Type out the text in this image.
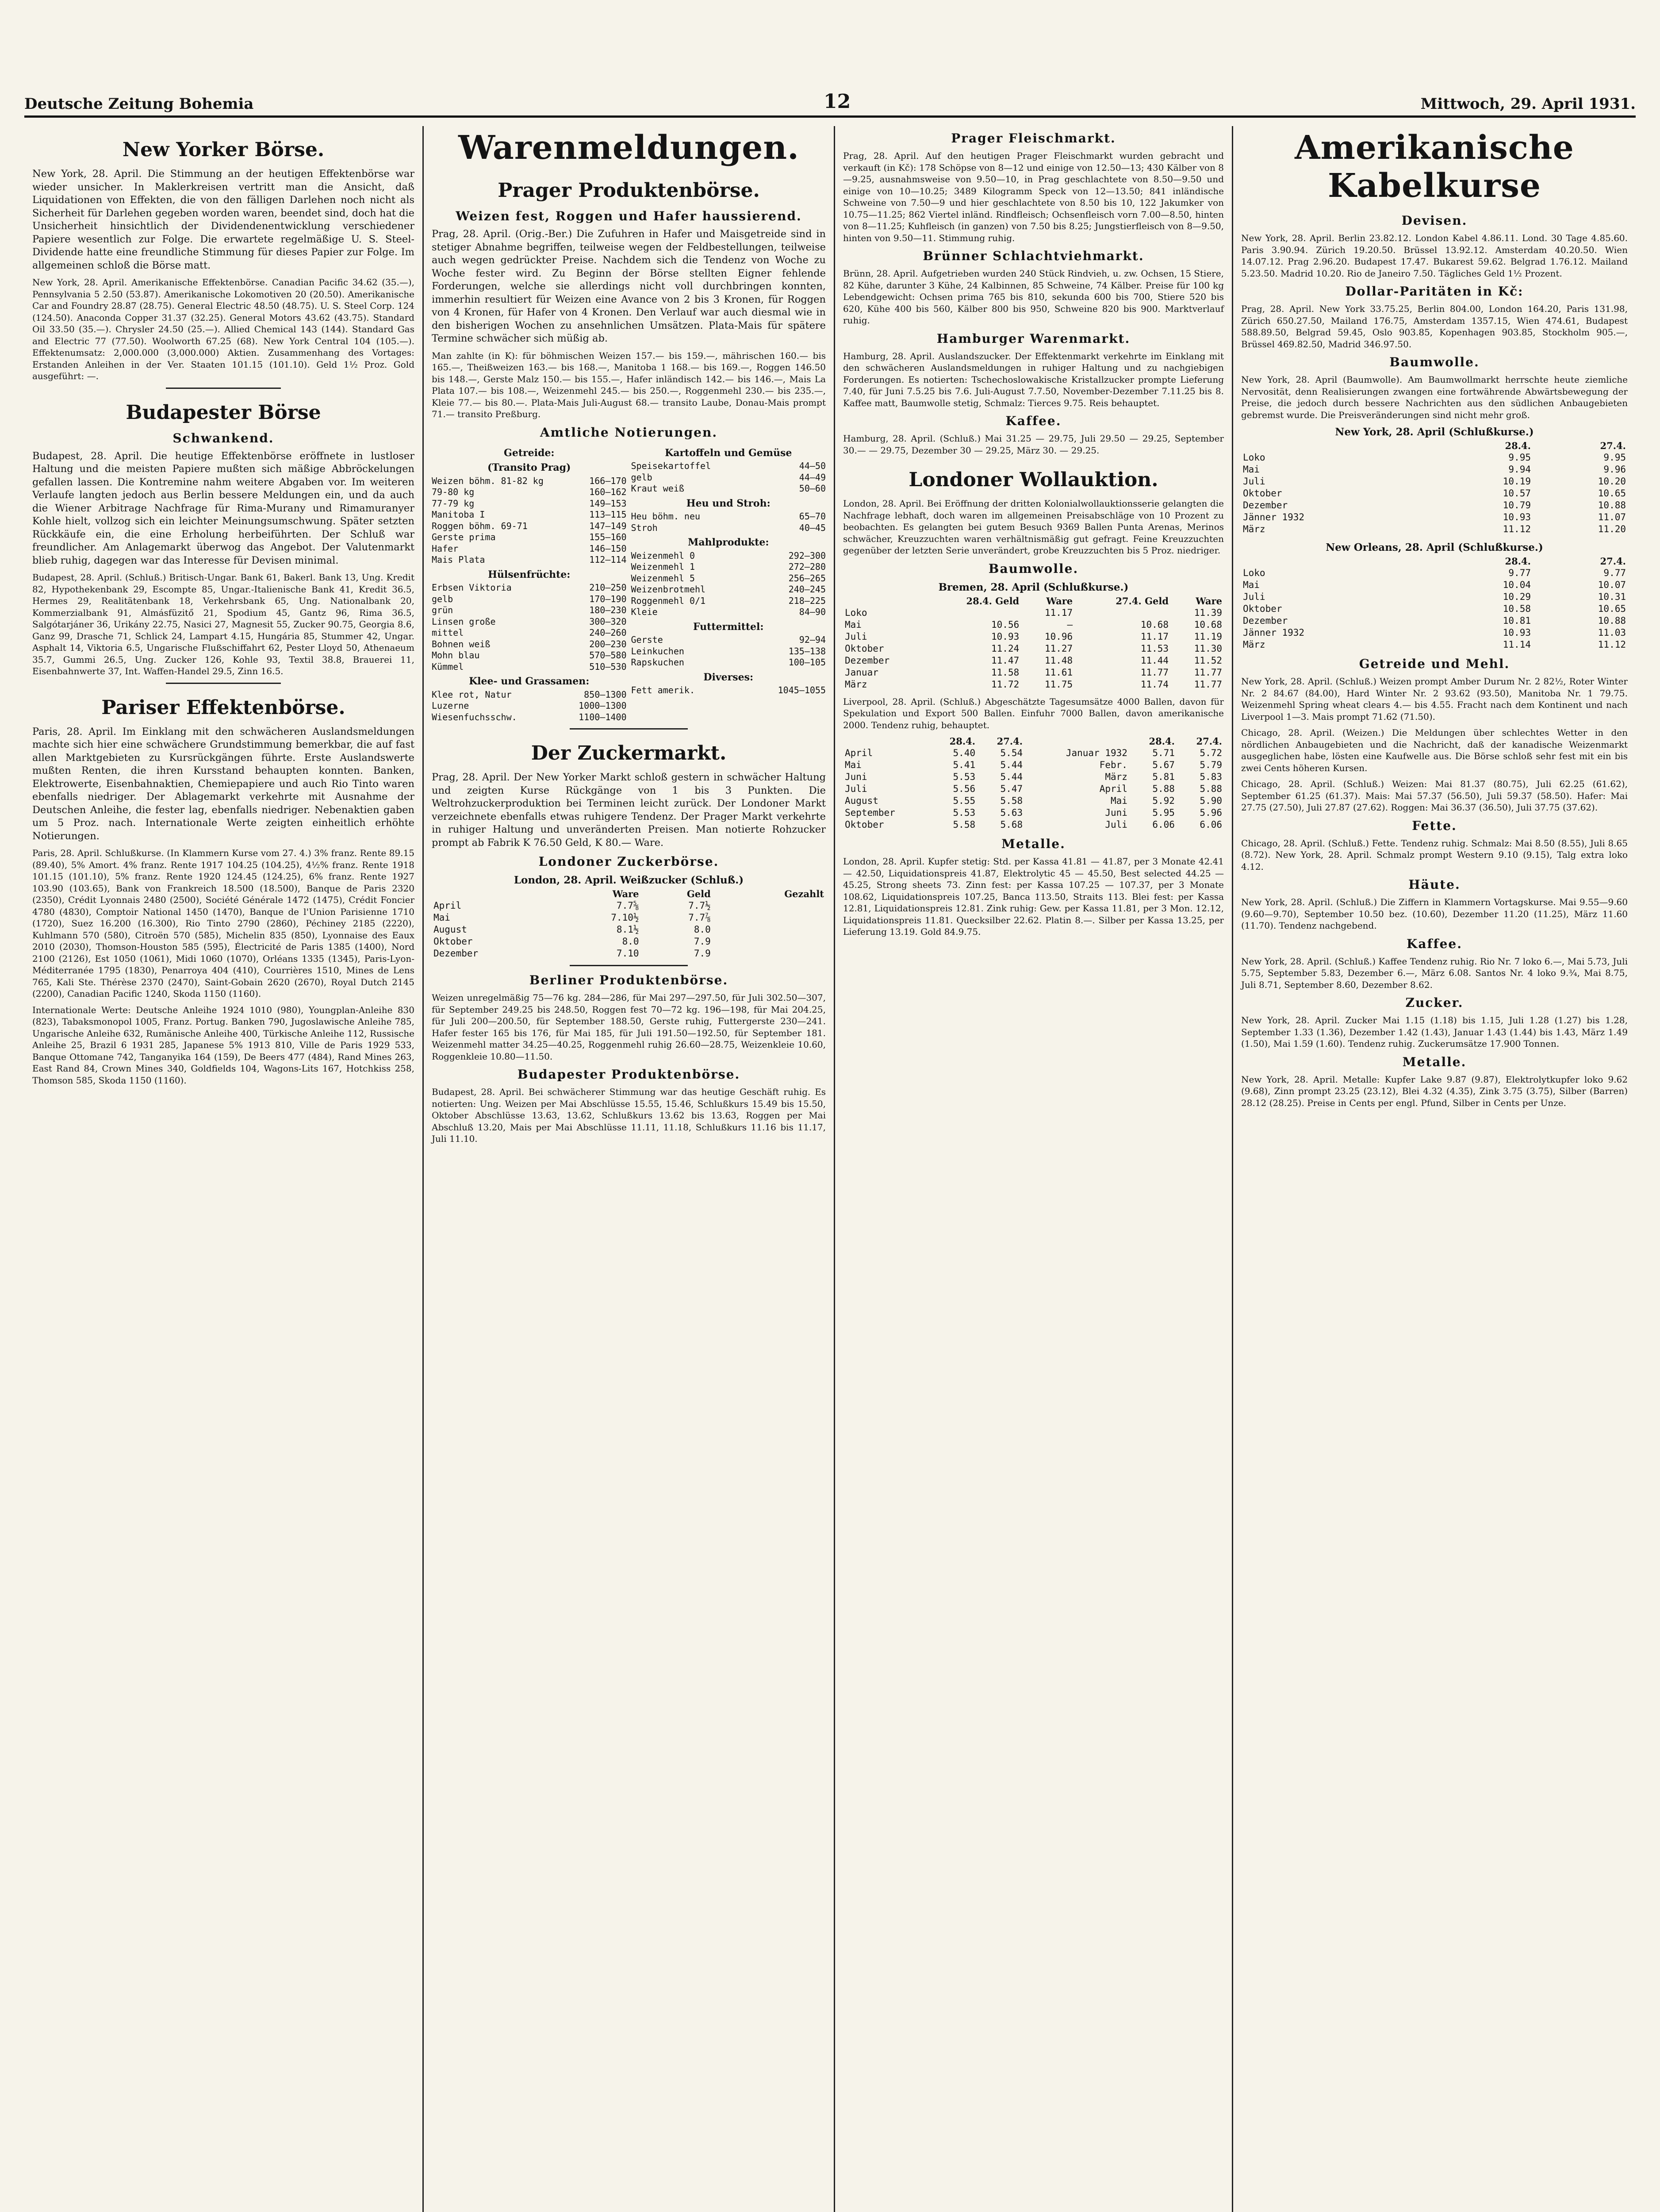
Deutsche Zeitung Bohemia	12	Mittwoch, 29. April 1931.
New Yorker Börse.

New York, 28. April. Die Stimmung an der heutigen Effektenbörse war wieder unsicher. In Maklerkreisen vertritt man die Ansicht, daß Liquidationen von Effekten, die von den fälligen Darlehen noch nicht als Sicherheit für Darlehen gegeben worden waren, beendet sind, doch hat die Unsicherheit hinsichtlich der Dividendenentwicklung verschiedener Papiere wesentlich zur Folge. Die erwartete regelmäßige U. S. Steel-Dividende hatte eine freundliche Stimmung für dieses Papier zur Folge. Im allgemeinen schloß die Börse matt.

New York, 28. April. Amerikanische Effektenbörse. Canadian Pacific 34.62 (35.—), Pennsylvania 5 2.50 (53.87). Amerikanische Lokomotiven 20 (20.50). Amerikanische Car and Foundry 28.87 (28.75). General Electric 48.50 (48.75). U. S. Steel Corp. 124 (124.50). Anaconda Copper 31.37 (32.25). General Motors 43.62 (43.75). Standard Oil 33.50 (35.—). Chrysler 24.50 (25.—). Allied Chemical 143 (144). Standard Gas and Electric 77 (77.50). Woolworth 67.25 (68). New York Central 104 (105.—). Effektenumsatz: 2,000.000 (3,000.000) Aktien. Zusammenhang des Vortages: Erstanden Anleihen in der Ver. Staaten 101.15 (101.10). Geld 1½ Proz. Gold ausgeführt: —.

Budapester Börse
Schwankend.

Budapest, 28. April. Die heutige Effektenbörse eröffnete in lustloser Haltung und die meisten Papiere mußten sich mäßige Abbröckelungen gefallen lassen. Die Kontremine nahm weitere Abgaben vor. Im weiteren Verlaufe langten jedoch aus Berlin bessere Meldungen ein, und da auch die Wiener Arbitrage Nachfrage für Rima-Murany und Rimamuranyer Kohle hielt, vollzog sich ein leichter Meinungsumschwung. Später setzten Rückkäufe ein, die eine Erholung herbeiführten. Der Schluß war freundlicher. Am Anlagemarkt überwog das Angebot. Der Valutenmarkt blieb ruhig, dagegen war das Interesse für Devisen minimal.

Budapest, 28. April. (Schluß.) Britisch-Ungar. Bank 61, Bakerl. Bank 13, Ung. Kredit 82, Hypothekenbank 29, Escompte 85, Ungar.-Italienische Bank 41, Kredit 36.5, Hermes 29, Realitätenbank 18, Verkehrsbank 65, Ung. Nationalbank 20, Kommerzialbank 91, Almásfüzitő 21, Spodium 45, Gantz 96, Rima 36.5, Salgótarjáner 36, Urikány 22.75, Nasici 27, Magnesit 55, Zucker 90.75, Georgia 8.6, Ganz 99, Drasche 71, Schlick 24, Lampart 4.15, Hungária 85, Stummer 42, Ungar. Asphalt 14, Viktoria 6.5, Ungarische Flußschiffahrt 62, Pester Lloyd 50, Athenaeum 35.7, Gummi 26.5, Ung. Zucker 126, Kohle 93, Textil 38.8, Brauerei 11, Eisenbahnwerte 37, Int. Waffen-Handel 29.5, Zinn 16.5.

Pariser Effektenbörse.

Paris, 28. April. Im Einklang mit den schwächeren Auslandsmeldungen machte sich hier eine schwächere Grundstimmung bemerkbar, die auf fast allen Marktgebieten zu Kursrückgängen führte. Erste Auslandswerte mußten Renten, die ihren Kursstand behaupten konnten. Banken, Elektrowerte, Eisenbahnaktien, Chemiepapiere und auch Rio Tinto waren ebenfalls niedriger. Der Ablagemarkt verkehrte mit Ausnahme der Deutschen Anleihe, die fester lag, ebenfalls niedriger. Nebenaktien gaben um 5 Proz. nach. Internationale Werte zeigten einheitlich erhöhte Notierungen.

Paris, 28. April. Schlußkurse. (In Klammern Kurse vom 27. 4.) 3% franz. Rente 89.15 (89.40), 5% Amort. 4% franz. Rente 1917 104.25 (104.25), 4½% franz. Rente 1918 101.15 (101.10), 5% franz. Rente 1920 124.45 (124.25), 6% franz. Rente 1927 103.90 (103.65), Bank von Frankreich 18.500 (18.500), Banque de Paris 2320 (2350), Crédit Lyonnais 2480 (2500), Société Générale 1472 (1475), Crédit Foncier 4780 (4830), Comptoir National 1450 (1470), Banque de l'Union Parisienne 1710 (1720), Suez 16.200 (16.300), Rio Tinto 2790 (2860), Péchiney 2185 (2220), Kuhlmann 570 (580), Citroën 570 (585), Michelin 835 (850), Lyonnaise des Eaux 2010 (2030), Thomson-Houston 585 (595), Électricité de Paris 1385 (1400), Nord 2100 (2126), Est 1050 (1061), Midi 1060 (1070), Orléans 1335 (1345), Paris-Lyon-Méditerranée 1795 (1830), Penarroya 404 (410), Courrières 1510, Mines de Lens 765, Kali Ste. Thérèse 2370 (2470), Saint-Gobain 2620 (2670), Royal Dutch 2145 (2200), Canadian Pacific 1240, Skoda 1150 (1160).

Internationale Werte: Deutsche Anleihe 1924 1010 (980), Youngplan-Anleihe 830 (823), Tabaksmonopol 1005, Franz. Portug. Banken 790, Jugoslawische Anleihe 785, Ungarische Anleihe 632, Rumänische Anleihe 400, Türkische Anleihe 112, Russische Anleihe 25, Brazil 6 1931 285, Japanese 5% 1913 810, Ville de Paris 1929 533, Banque Ottomane 742, Tanganyika 164 (159), De Beers 477 (484), Rand Mines 263, East Rand 84, Crown Mines 340, Goldfields 104, Wagons-Lits 167, Hotchkiss 258, Thomson 585, Skoda 1150 (1160).

Warenmeldungen.
Prager Produktenbörse.
Weizen fest, Roggen und Hafer haussierend.

Prag, 28. April. (Orig.-Ber.) Die Zufuhren in Hafer und Maisgetreide sind in stetiger Abnahme begriffen, teilweise wegen der Feldbestellungen, teilweise auch wegen gedrückter Preise. Nachdem sich die Tendenz von Woche zu Woche fester wird. Zu Beginn der Börse stellten Eigner fehlende Forderungen, welche sie allerdings nicht voll durchbringen konnten, immerhin resultiert für Weizen eine Avance von 2 bis 3 Kronen, für Roggen von 4 Kronen, für Hafer von 4 Kronen. Den Verlauf war auch diesmal wie in den bisherigen Wochen zu ansehnlichen Umsätzen. Plata-Mais für spätere Termine schwächer sich müßig ab.

Man zahlte (in K): für böhmischen Weizen 157.— bis 159.—, mährischen 160.— bis 165.—, Theißweizen 163.— bis 168.—, Manitoba 1 168.— bis 169.—, Roggen 146.50 bis 148.—, Gerste Malz 150.— bis 155.—, Hafer inländisch 142.— bis 146.—, Mais La Plata 107.— bis 108.—, Weizenmehl 245.— bis 250.—, Roggenmehl 230.— bis 235.—, Kleie 77.— bis 80.—. Plata-Mais Juli-August 68.— transito Laube, Donau-Mais prompt 71.— transito Preßburg.

Amtliche Notierungen.
Getreide:
(Transito Prag)
Weizen böhm. 81-82 kg	166—170
79-80 kg	160—162
77-79 kg	149—153
Manitoba I	113—115
Roggen böhm. 69-71	147—149
Gerste prima	155—160
Hafer	146—150
Mais Plata	112—114
Hülsenfrüchte:
Erbsen Viktoria	210—250
gelb	170—190
grün	180—230
Linsen große	300—320
mittel	240—260
Bohnen weiß	200—230
Mohn blau	570—580
Kümmel	510—530
Klee- und Grassamen:
Klee rot, Natur	850—1300
Luzerne	1000—1300
Wiesenfuchsschw.	1100—1400
Kartoffeln und Gemüse
Speisekartoffel	44—50
gelb	44—49
Kraut weiß	50—60
Heu und Stroh:
Heu böhm. neu	65—70
Stroh	40—45
Mahlprodukte:
Weizenmehl 0	292—300
Weizenmehl 1	272—280
Weizenmehl 5	256—265
Weizenbrotmehl	240—245
Roggenmehl 0/1	218—225
Kleie	84—90
Futtermittel:
Gerste	92—94
Leinkuchen	135—138
Rapskuchen	100—105
Diverses:
Fett amerik.	1045—1055
Der Zuckermarkt.

Prag, 28. April. Der New Yorker Markt schloß gestern in schwächer Haltung und zeigten Kurse Rückgänge von 1 bis 3 Punkten. Die Weltrohzuckerproduktion bei Terminen leicht zurück. Der Londoner Markt verzeichnete ebenfalls etwas ruhigere Tendenz. Der Prager Markt verkehrte in ruhiger Haltung und unveränderten Preisen. Man notierte Rohzucker prompt ab Fabrik K 76.50 Geld, K 80.— Ware.

Londoner Zuckerbörse.
London, 28. April. Weißzucker (Schluß.)
	Ware	Geld	Gezahlt
April	7.7⅝	7.7½	
Mai	7.10½	7.7⅞	
August	8.1½	8.0	
Oktober	8.0	7.9	
Dezember	7.10	7.9	
Berliner Produktenbörse.

Weizen unregelmäßig 75—76 kg. 284—286, für Mai 297—297.50, für Juli 302.50—307, für September 249.25 bis 248.50, Roggen fest 70—72 kg. 196—198, für Mai 204.25, für Juli 200—200.50, für September 188.50, Gerste ruhig, Futtergerste 230—241. Hafer fester 165 bis 176, für Mai 185, für Juli 191.50—192.50, für September 181. Weizenmehl matter 34.25—40.25, Roggenmehl ruhig 26.60—28.75, Weizenkleie 10.60, Roggenkleie 10.80—11.50.

Budapester Produktenbörse.

Budapest, 28. April. Bei schwächerer Stimmung war das heutige Geschäft ruhig. Es notierten: Ung. Weizen per Mai Abschlüsse 15.55, 15.46, Schlußkurs 15.49 bis 15.50, Oktober Abschlüsse 13.63, 13.62, Schlußkurs 13.62 bis 13.63, Roggen per Mai Abschluß 13.20, Mais per Mai Abschlüsse 11.11, 11.18, Schlußkurs 11.16 bis 11.17, Juli 11.10.

Prager Fleischmarkt.

Prag, 28. April. Auf den heutigen Prager Fleischmarkt wurden gebracht und verkauft (in Kč): 178 Schöpse von 8—12 und einige von 12.50—13; 430 Kälber von 8—9.25, ausnahmsweise von 9.50—10, in Prag geschlachtete von 8.50—9.50 und einige von 10—10.25; 3489 Kilogramm Speck von 12—13.50; 841 inländische Schweine von 7.50—9 und hier geschlachtete von 8.50 bis 10, 122 Jakumker von 10.75—11.25; 862 Viertel inländ. Rindfleisch; Ochsenfleisch vorn 7.00—8.50, hinten von 8—11.25; Kuhfleisch (in ganzen) von 7.50 bis 8.25; Jungstierfleisch von 8—9.50, hinten von 9.50—11. Stimmung ruhig.

Brünner Schlachtviehmarkt.

Brünn, 28. April. Aufgetrieben wurden 240 Stück Rindvieh, u. zw. Ochsen, 15 Stiere, 82 Kühe, darunter 3 Kühe, 24 Kalbinnen, 85 Schweine, 74 Kälber. Preise für 100 kg Lebendgewicht: Ochsen prima 765 bis 810, sekunda 600 bis 700, Stiere 520 bis 620, Kühe 400 bis 560, Kälber 800 bis 950, Schweine 820 bis 900. Marktverlauf ruhig.

Hamburger Warenmarkt.

Hamburg, 28. April. Auslandszucker. Der Effektenmarkt verkehrte im Einklang mit den schwächeren Auslandsmeldungen in ruhiger Haltung und zu nachgiebigen Forderungen. Es notierten: Tschechoslowakische Kristallzucker prompte Lieferung 7.40, für Juni 7.5.25 bis 7.6. Juli-August 7.7.50, November-Dezember 7.11.25 bis 8. Kaffee matt, Baumwolle stetig, Schmalz: Tierces 9.75. Reis behauptet.

Kaffee.

Hamburg, 28. April. (Schluß.) Mai 31.25 — 29.75, Juli 29.50 — 29.25, September 30.— — 29.75, Dezember 30 — 29.25, März 30. — 29.25.

Londoner Wollauktion.

London, 28. April. Bei Eröffnung der dritten Kolonialwollauktionsserie gelangten die Nachfrage lebhaft, doch waren im allgemeinen Preisabschläge von 10 Prozent zu beobachten. Es gelangten bei gutem Besuch 9369 Ballen Punta Arenas, Merinos schwächer, Kreuzzuchten waren verhältnismäßig gut gefragt. Feine Kreuzzuchten gegenüber der letzten Serie unverändert, grobe Kreuzzuchten bis 5 Proz. niedriger.

Baumwolle.
Bremen, 28. April (Schlußkurse.)
	28.4. Geld	Ware	27.4. Geld	Ware
Loko		11.17		11.39
Mai	10.56	—	10.68	10.68
Juli	10.93	10.96	11.17	11.19
Oktober	11.24	11.27	11.53	11.30
Dezember	11.47	11.48	11.44	11.52
Januar	11.58	11.61	11.77	11.77
März	11.72	11.75	11.74	11.77

Liverpool, 28. April. (Schluß.) Abgeschätzte Tagesumsätze 4000 Ballen, davon für Spekulation und Export 500 Ballen. Einfuhr 7000 Ballen, davon amerikanische 2000. Tendenz ruhig, behauptet.

	28.4.	27.4.		28.4.	27.4.
April	5.40	5.54	Januar 1932	5.71	5.72
Mai	5.41	5.44	Febr.	5.67	5.79
Juni	5.53	5.44	März	5.81	5.83
Juli	5.56	5.47	April	5.88	5.88
August	5.55	5.58	Mai	5.92	5.90
September	5.53	5.63	Juni	5.95	5.96
Oktober	5.58	5.68	Juli	6.06	6.06
Metalle.

London, 28. April. Kupfer stetig: Std. per Kassa 41.81 — 41.87, per 3 Monate 42.41 — 42.50, Liquidationspreis 41.87, Elektrolytic 45 — 45.50, Best selected 44.25 — 45.25, Strong sheets 73. Zinn fest: per Kassa 107.25 — 107.37, per 3 Monate 108.62, Liquidationspreis 107.25, Banca 113.50, Straits 113. Blei fest: per Kassa 12.81, Liquidationspreis 12.81. Zink ruhig: Gew. per Kassa 11.81, per 3 Mon. 12.12, Liquidationspreis 11.81. Quecksilber 22.62. Platin 8.—. Silber per Kassa 13.25, per Lieferung 13.19. Gold 84.9.75.

Amerikanische Kabelkurse
Devisen.

New York, 28. April. Berlin 23.82.12. London Kabel 4.86.11. Lond. 30 Tage 4.85.60. Paris 3.90.94. Zürich 19.20.50. Brüssel 13.92.12. Amsterdam 40.20.50. Wien 14.07.12. Prag 2.96.20. Budapest 17.47. Bukarest 59.62. Belgrad 1.76.12. Mailand 5.23.50. Madrid 10.20. Rio de Janeiro 7.50. Tägliches Geld 1½ Prozent.

Dollar-Paritäten in Kč:

Prag, 28. April. New York 33.75.25, Berlin 804.00, London 164.20, Paris 131.98, Zürich 650.27.50, Mailand 176.75, Amsterdam 1357.15, Wien 474.61, Budapest 588.89.50, Belgrad 59.45, Oslo 903.85, Kopenhagen 903.85, Stockholm 905.—, Brüssel 469.82.50, Madrid 346.97.50.

Baumwolle.

New York, 28. April (Baumwolle). Am Baumwollmarkt herrschte heute ziemliche Nervosität, denn Realisierungen zwangen eine fortwährende Abwärtsbewegung der Preise, die jedoch durch bessere Nachrichten aus den südlichen Anbaugebieten gebremst wurde. Die Preisveränderungen sind nicht mehr groß.

New York, 28. April (Schlußkurse.)
	28.4.	27.4.
Loko	9.95	9.95
Mai	9.94	9.96
Juli	10.19	10.20
Oktober	10.57	10.65
Dezember	10.79	10.88
Jänner 1932	10.93	11.07
März	11.12	11.20
New Orleans, 28. April (Schlußkurse.)
	28.4.	27.4.
Loko	9.77	9.77
Mai	10.04	10.07
Juli	10.29	10.31
Oktober	10.58	10.65
Dezember	10.81	10.88
Jänner 1932	10.93	11.03
März	11.14	11.12
Getreide und Mehl.

New York, 28. April. (Schluß.) Weizen prompt Amber Durum Nr. 2 82½, Roter Winter Nr. 2 84.67 (84.00), Hard Winter Nr. 2 93.62 (93.50), Manitoba Nr. 1 79.75. Weizenmehl Spring wheat clears 4.— bis 4.55. Fracht nach dem Kontinent und nach Liverpool 1—3. Mais prompt 71.62 (71.50).

Chicago, 28. April. (Weizen.) Die Meldungen über schlechtes Wetter in den nördlichen Anbaugebieten und die Nachricht, daß der kanadische Weizenmarkt ausgeglichen habe, lösten eine Kaufwelle aus. Die Börse schloß sehr fest mit ein bis zwei Cents höheren Kursen.

Chicago, 28. April. (Schluß.) Weizen: Mai 81.37 (80.75), Juli 62.25 (61.62), September 61.25 (61.37). Mais: Mai 57.37 (56.50), Juli 59.37 (58.50). Hafer: Mai 27.75 (27.50), Juli 27.87 (27.62). Roggen: Mai 36.37 (36.50), Juli 37.75 (37.62).

Fette.

Chicago, 28. April. (Schluß.) Fette. Tendenz ruhig. Schmalz: Mai 8.50 (8.55), Juli 8.65 (8.72). New York, 28. April. Schmalz prompt Western 9.10 (9.15), Talg extra loko 4.12.

Häute.

New York, 28. April. (Schluß.) Die Ziffern in Klammern Vortagskurse. Mai 9.55—9.60 (9.60—9.70), September 10.50 bez. (10.60), Dezember 11.20 (11.25), März 11.60 (11.70). Tendenz nachgebend.

Kaffee.

New York, 28. April. (Schluß.) Kaffee Tendenz ruhig. Rio Nr. 7 loko 6.—, Mai 5.73, Juli 5.75, September 5.83, Dezember 6.—, März 6.08. Santos Nr. 4 loko 9.¾, Mai 8.75, Juli 8.71, September 8.60, Dezember 8.62.

Zucker.

New York, 28. April. Zucker Mai 1.15 (1.18) bis 1.15, Juli 1.28 (1.27) bis 1.28, September 1.33 (1.36), Dezember 1.42 (1.43), Januar 1.43 (1.44) bis 1.43, März 1.49 (1.50), Mai 1.59 (1.60). Tendenz ruhig. Zuckerumsätze 17.900 Tonnen.

Metalle.

New York, 28. April. Metalle: Kupfer Lake 9.87 (9.87), Elektrolytkupfer loko 9.62 (9.68), Zinn prompt 23.25 (23.12), Blei 4.32 (4.35), Zink 3.75 (3.75), Silber (Barren) 28.12 (28.25). Preise in Cents per engl. Pfund, Silber in Cents per Unze.
